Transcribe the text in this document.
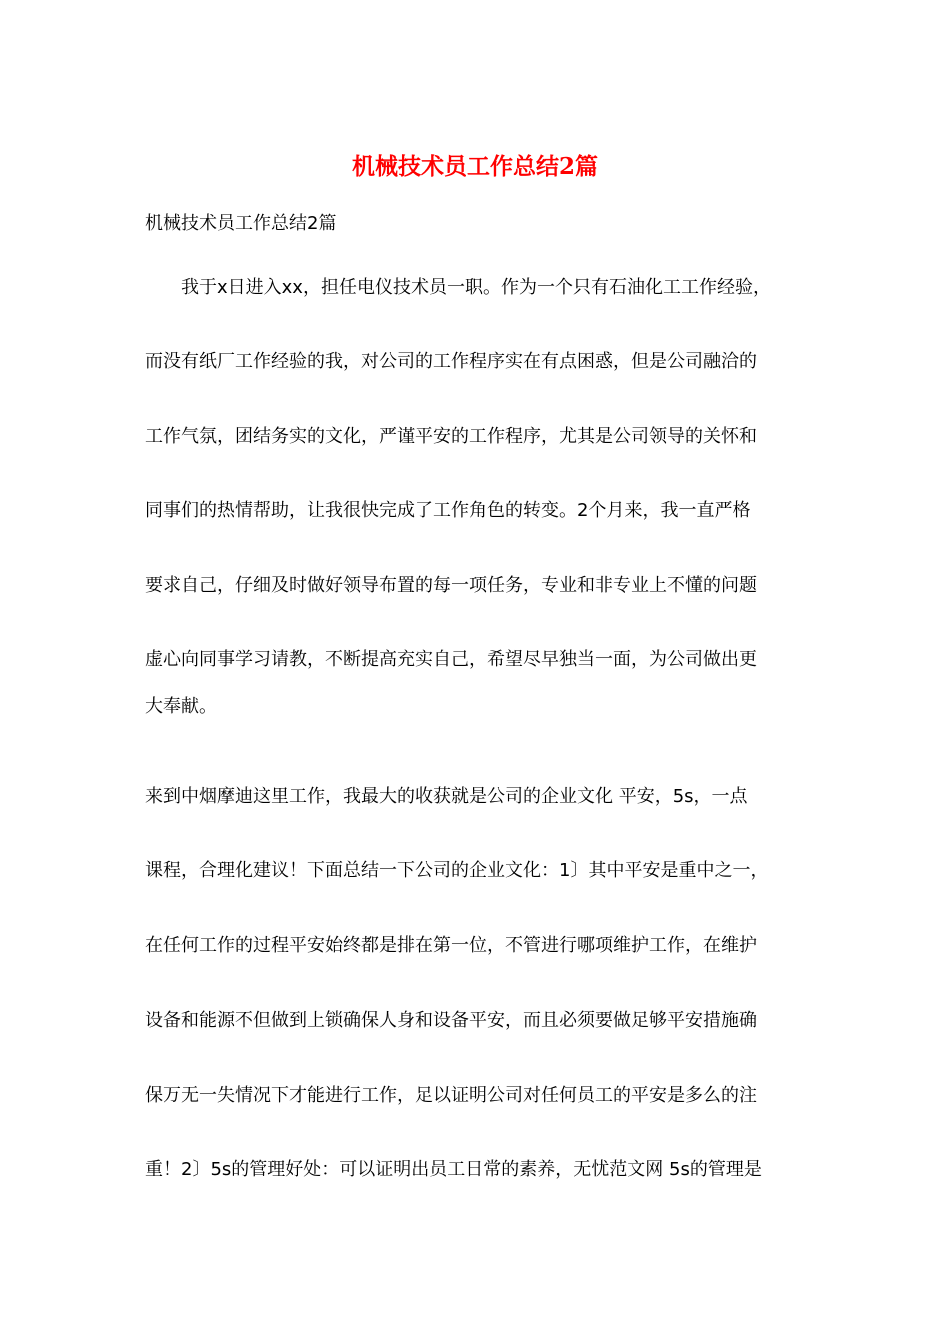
机械技术员工作总结2篇

机械技术员工作总结2篇

　　我于x日进入xx，担任电仪技术员一职。作为一个只有石油化工工作经验，

而没有纸厂工作经验的我，对公司的工作程序实在有点困惑，但是公司融洽的

工作气氛，团结务实的文化，严谨平安的工作程序，尤其是公司领导的关怀和

同事们的热情帮助，让我很快完成了工作角色的转变。2个月来，我一直严格

要求自己，仔细及时做好领导布置的每一项任务，专业和非专业上不懂的问题

虚心向同事学习请教，不断提高充实自己，希望尽早独当一面，为公司做出更

大奉献。

来到中烟摩迪这里工作，我最大的收获就是公司的企业文化 平安，5s，一点

课程，合理化建议！下面总结一下公司的企业文化：1〕其中平安是重中之一，

在任何工作的过程平安始终都是排在第一位，不管进行哪项维护工作，在维护

设备和能源不但做到上锁确保人身和设备平安，而且必须要做足够平安措施确

保万无一失情况下才能进行工作，足以证明公司对任何员工的平安是多么的注

重！2〕5s的管理好处：可以证明出员工日常的素养，无忧范文网 5s的管理是
